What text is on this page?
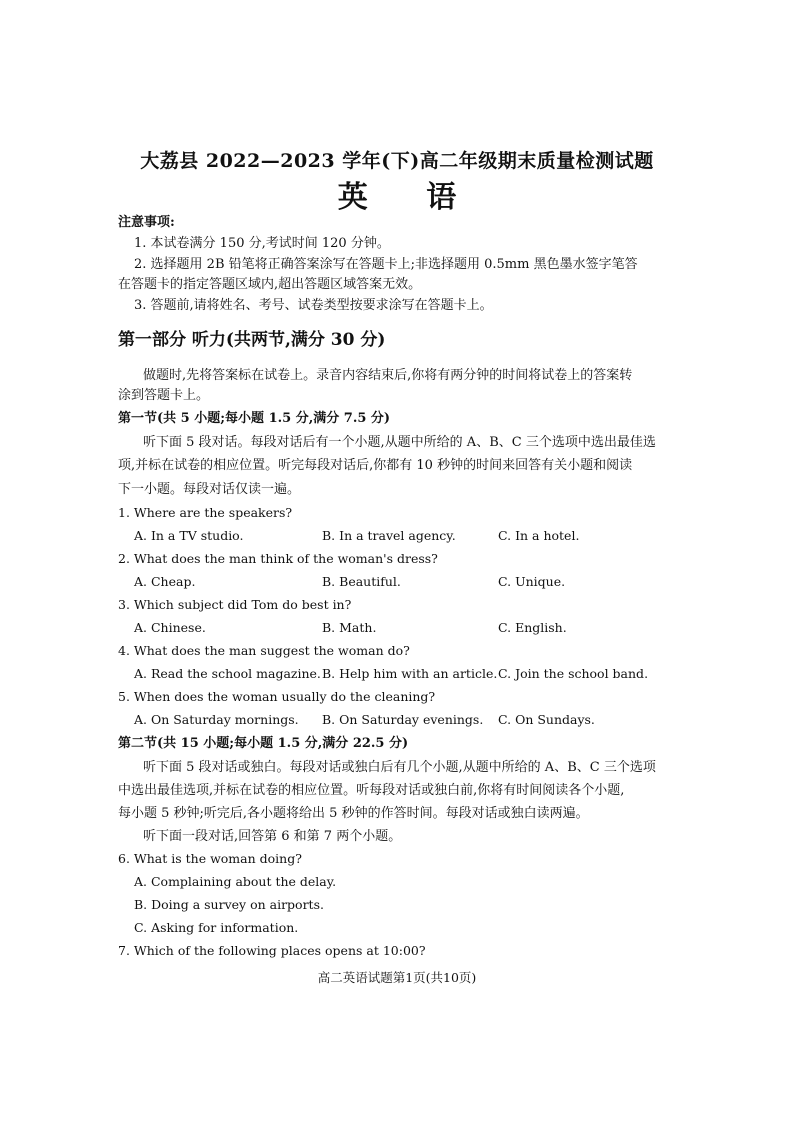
大荔县 2022—2023 学年(下)高二年级期末质量检测试题
英 语
注意事项:
1. 本试卷满分 150 分,考试时间 120 分钟。
2. 选择题用 2B 铅笔将正确答案涂写在答题卡上;非选择题用 0.5mm 黑色墨水签字笔答
在答题卡的指定答题区域内,超出答题区域答案无效。
3. 答题前,请将姓名、考号、试卷类型按要求涂写在答题卡上。
第一部分 听力(共两节,满分 30 分)
做题时,先将答案标在试卷上。录音内容结束后,你将有两分钟的时间将试卷上的答案转
涂到答题卡上。
第一节(共 5 小题;每小题 1.5 分,满分 7.5 分)
听下面 5 段对话。每段对话后有一个小题,从题中所给的 A、B、C 三个选项中选出最佳选
项,并标在试卷的相应位置。听完每段对话后,你都有 10 秒钟的时间来回答有关小题和阅读
下一小题。每段对话仅读一遍。
1. Where are the speakers?
A. In a TV studio.	B. In a travel agency.	C. In a hotel.
2. What does the man think of the woman's dress?
A. Cheap.	B. Beautiful.	C. Unique.
3. Which subject did Tom do best in?
A. Chinese.	B. Math.	C. English.
4. What does the man suggest the woman do?
A. Read the school magazine. B. Help him with an article. C. Join the school band.
5. When does the woman usually do the cleaning?
A. On Saturday mornings. B. On Saturday evenings. C. On Sundays.
第二节(共 15 小题;每小题 1.5 分,满分 22.5 分)
听下面 5 段对话或独白。每段对话或独白后有几个小题,从题中所给的 A、B、C 三个选项
中选出最佳选项,并标在试卷的相应位置。听每段对话或独白前,你将有时间阅读各个小题,
每小题 5 秒钟;听完后,各小题将给出 5 秒钟的作答时间。每段对话或独白读两遍。
听下面一段对话,回答第 6 和第 7 两个小题。
6. What is the woman doing?
A. Complaining about the delay.
B. Doing a survey on airports.
C. Asking for information.
7. Which of the following places opens at 10:00?
高二英语试题第1页(共10页)
